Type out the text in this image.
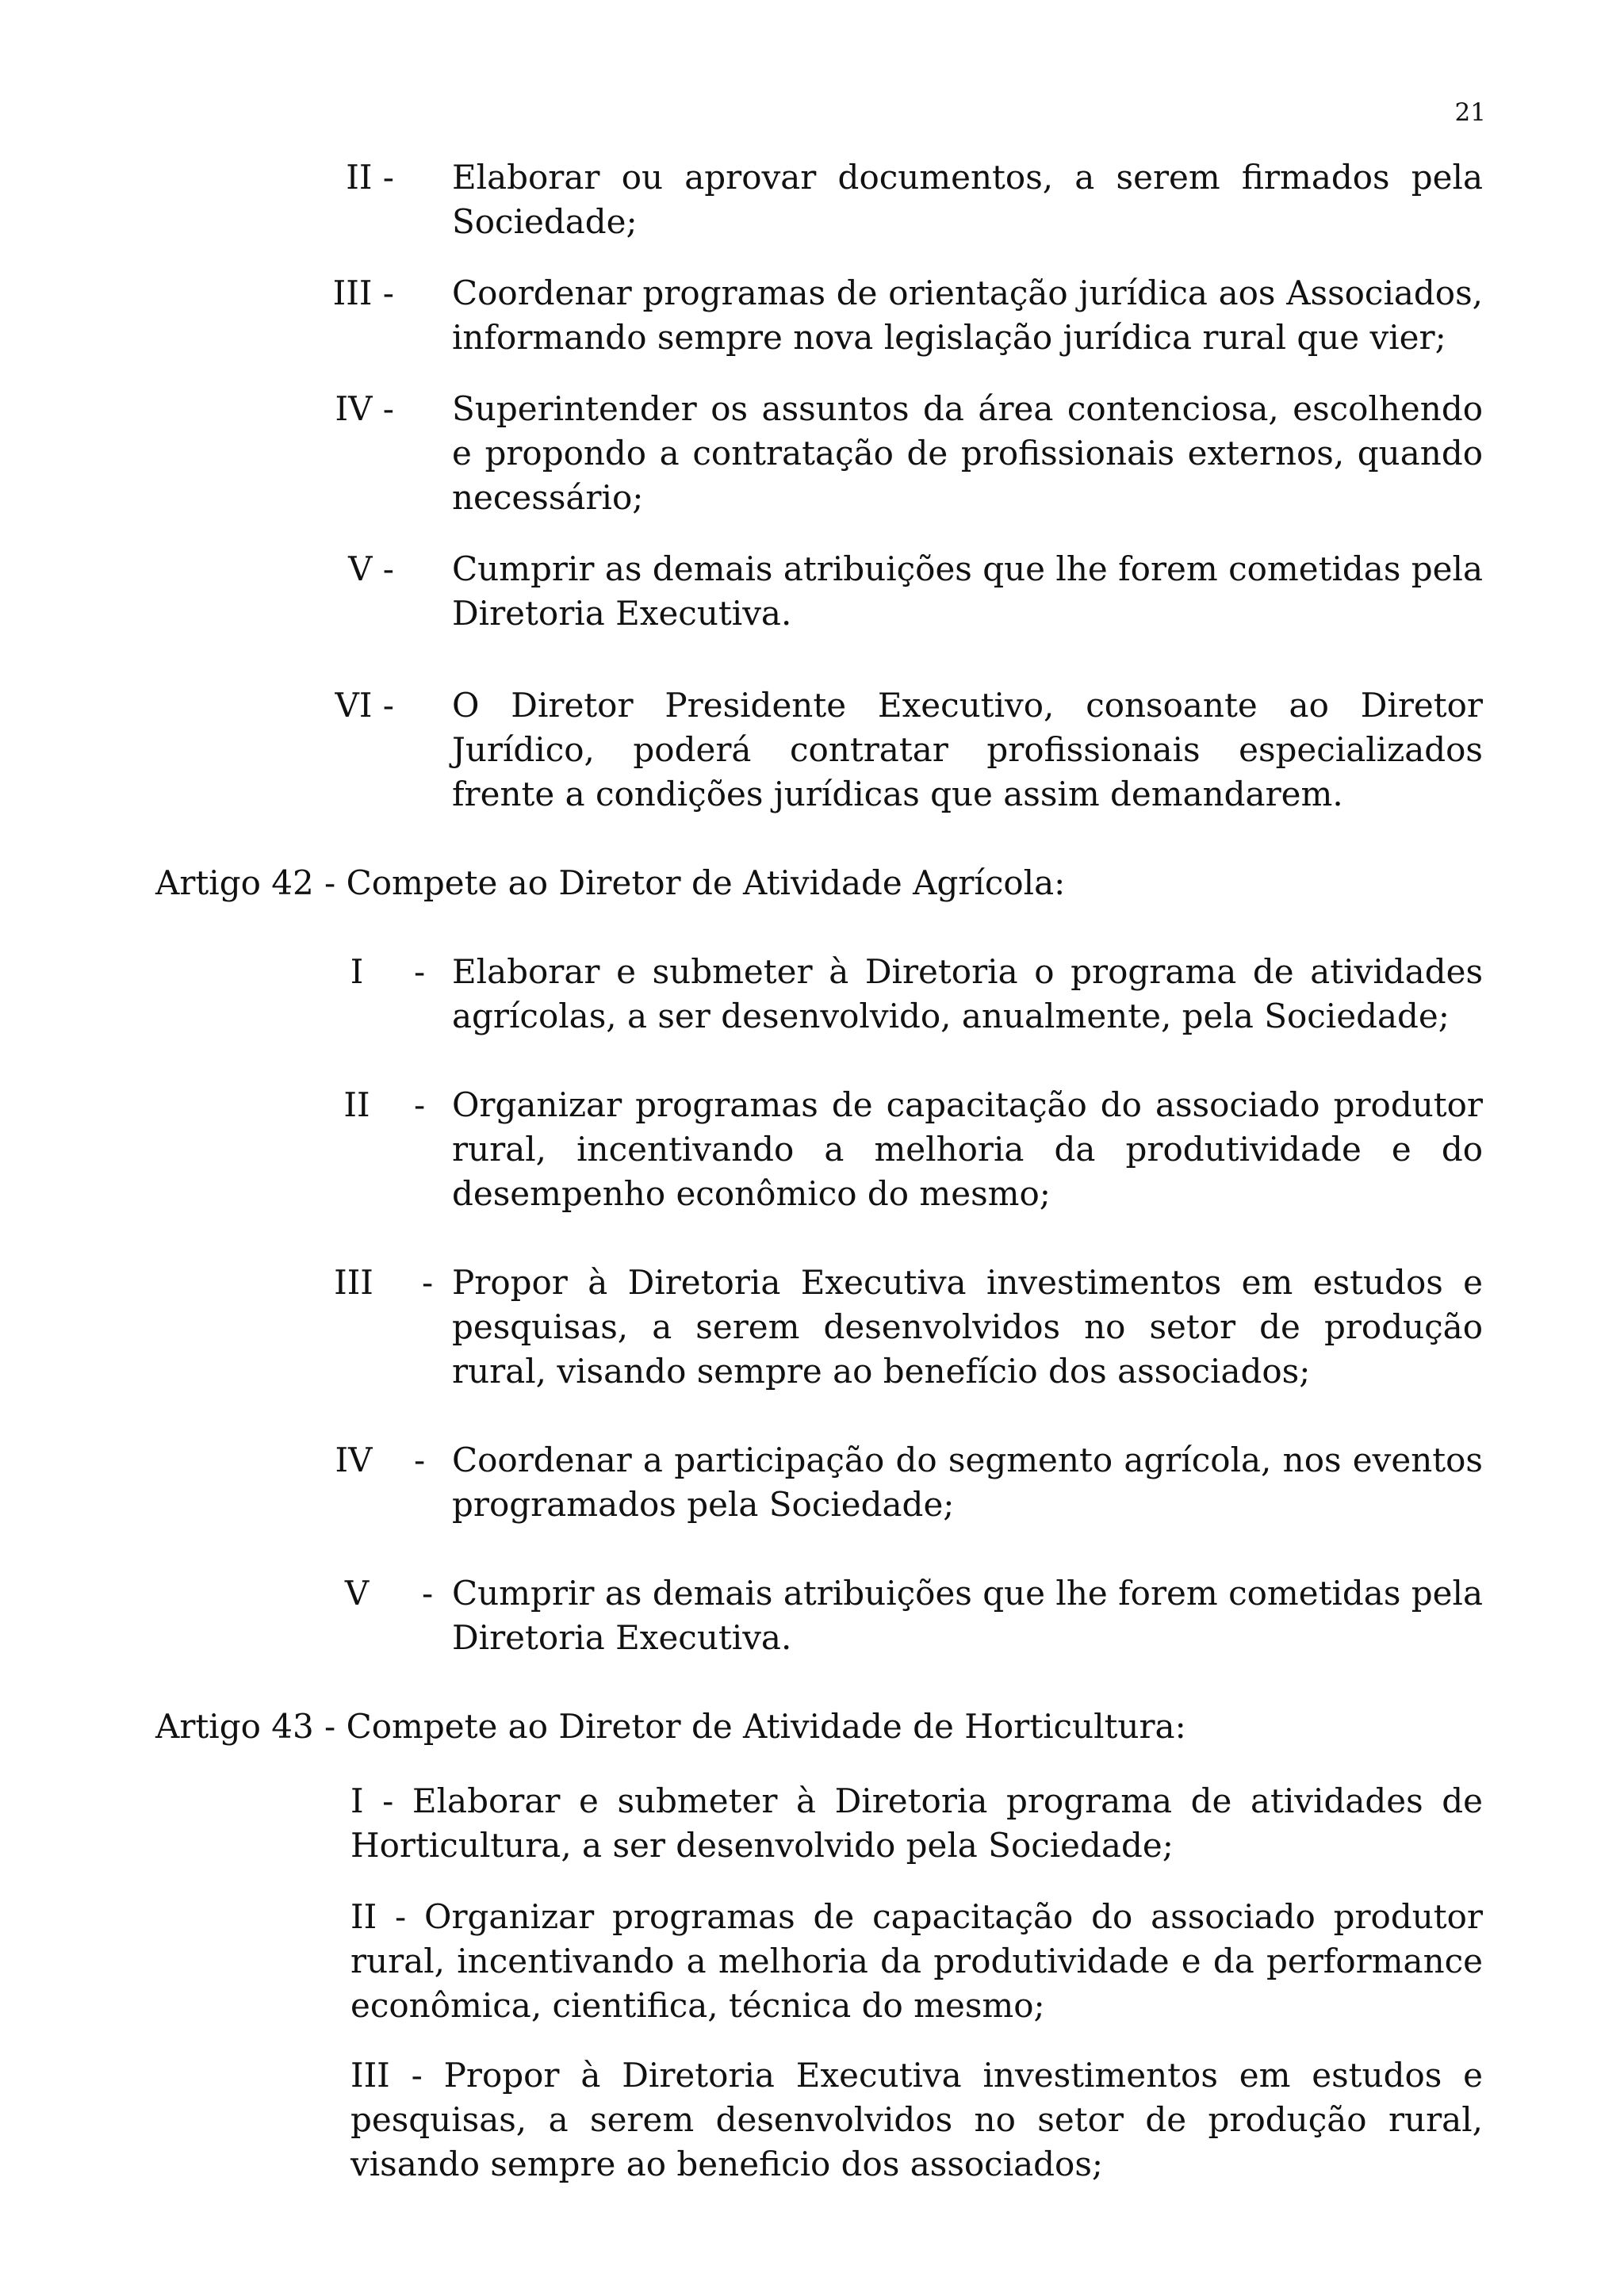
21
II - Elaborar ou aprovar documentos, a serem firmados pela Sociedade;
III - Coordenar programas de orientação jurídica aos Associados, informando sempre nova legislação jurídica rural que vier;
IV - Superintender os assuntos da área contenciosa, escolhendo e propondo a contratação de profissionais externos, quando necessário;
V - Cumprir as demais atribuições que lhe forem cometidas pela Diretoria Executiva.
VI - O Diretor Presidente Executivo, consoante ao Diretor Jurídico, poderá contratar profissionais especializados frente a condições jurídicas que assim demandarem.
Artigo 42 - Compete ao Diretor de Atividade Agrícola:
I	- Elaborar e submeter à Diretoria o programa de atividades agrícolas, a ser desenvolvido, anualmente, pela Sociedade;
II	- Organizar programas de capacitação do associado produtor rural, incentivando a melhoria da produtividade e do desempenho econômico do mesmo;
III - Propor à Diretoria Executiva investimentos em estudos e pesquisas, a serem desenvolvidos no setor de produção rural, visando sempre ao benefício dos associados;
IV - Coordenar a participação do segmento agrícola, nos eventos programados pela Sociedade;
V	- Cumprir as demais atribuições que lhe forem cometidas pela Diretoria Executiva.
Artigo 43 - Compete ao Diretor de Atividade de Horticultura:
I - Elaborar e submeter à Diretoria programa de atividades de Horticultura, a ser desenvolvido pela Sociedade;
II - Organizar programas de capacitação do associado produtor rural, incentivando a melhoria da produtividade e da performance econômica, cientifica, técnica do mesmo;
III - Propor à Diretoria Executiva investimentos em estudos e pesquisas, a serem desenvolvidos no setor de produção rural, visando sempre ao beneficio dos associados;
